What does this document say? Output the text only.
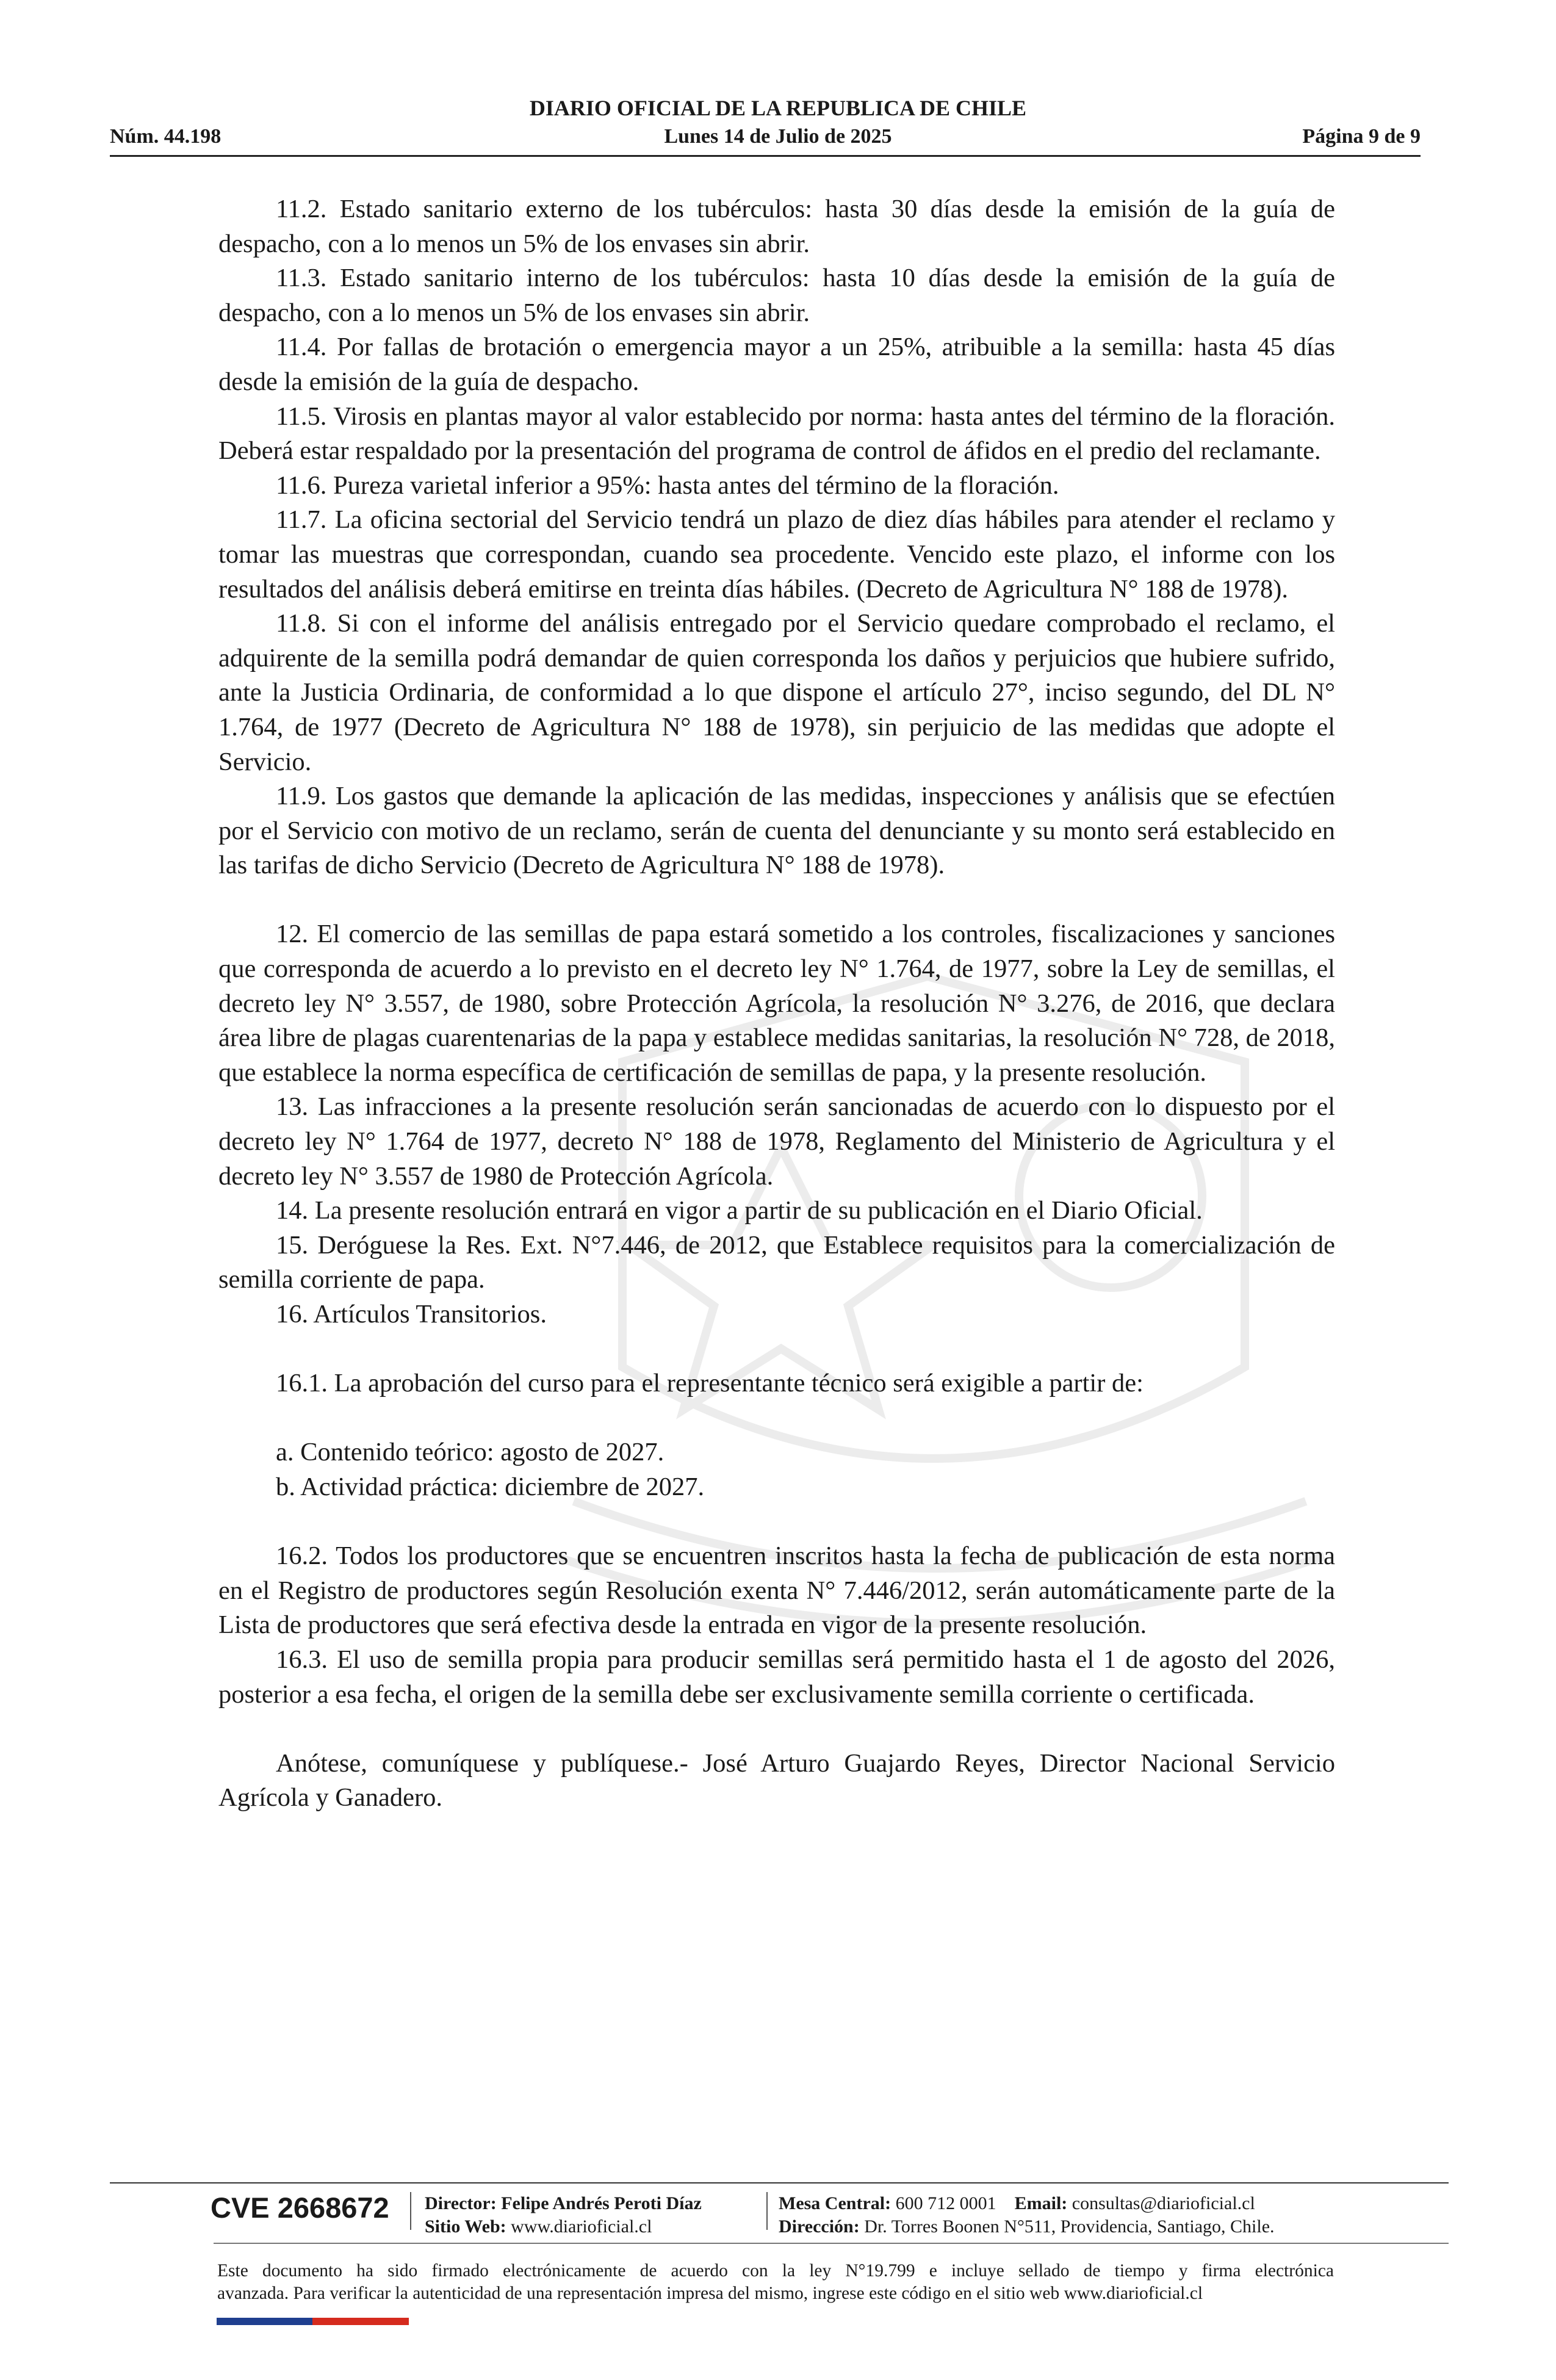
DIARIO OFICIAL DE LA REPUBLICA DE CHILE
Núm. 44.198	Lunes 14 de Julio de 2025	Página 9 de 9

11.2. Estado sanitario externo de los tubérculos: hasta 30 días desde la emisión de la guía de despacho, con a lo menos un 5% de los envases sin abrir.

11.3. Estado sanitario interno de los tubérculos: hasta 10 días desde la emisión de la guía de despacho, con a lo menos un 5% de los envases sin abrir.

11.4. Por fallas de brotación o emergencia mayor a un 25%, atribuible a la semilla: hasta 45 días desde la emisión de la guía de despacho.

11.5. Virosis en plantas mayor al valor establecido por norma: hasta antes del término de la floración. Deberá estar respaldado por la presentación del programa de control de áfidos en el predio del reclamante.

11.6. Pureza varietal inferior a 95%: hasta antes del término de la floración.

11.7. La oficina sectorial del Servicio tendrá un plazo de diez días hábiles para atender el reclamo y tomar las muestras que correspondan, cuando sea procedente. Vencido este plazo, el informe con los resultados del análisis deberá emitirse en treinta días hábiles. (Decreto de Agricultura N° 188 de 1978).

11.8. Si con el informe del análisis entregado por el Servicio quedare comprobado el reclamo, el adquirente de la semilla podrá demandar de quien corresponda los daños y perjuicios que hubiere sufrido, ante la Justicia Ordinaria, de conformidad a lo que dispone el artículo 27°, inciso segundo, del DL N° 1.764, de 1977 (Decreto de Agricultura N° 188 de 1978), sin perjuicio de las medidas que adopte el Servicio.

11.9. Los gastos que demande la aplicación de las medidas, inspecciones y análisis que se efectúen por el Servicio con motivo de un reclamo, serán de cuenta del denunciante y su monto será establecido en las tarifas de dicho Servicio (Decreto de Agricultura N° 188 de 1978).

12. El comercio de las semillas de papa estará sometido a los controles, fiscalizaciones y sanciones que corresponda de acuerdo a lo previsto en el decreto ley N° 1.764, de 1977, sobre la Ley de semillas, el decreto ley N° 3.557, de 1980, sobre Protección Agrícola, la resolución N° 3.276, de 2016, que declara área libre de plagas cuarentenarias de la papa y establece medidas sanitarias, la resolución N° 728, de 2018, que establece la norma específica de certificación de semillas de papa, y la presente resolución.

13. Las infracciones a la presente resolución serán sancionadas de acuerdo con lo dispuesto por el decreto ley N° 1.764 de 1977, decreto N° 188 de 1978, Reglamento del Ministerio de Agricultura y el decreto ley N° 3.557 de 1980 de Protección Agrícola.

14. La presente resolución entrará en vigor a partir de su publicación en el Diario Oficial.

15. Deróguese la Res. Ext. N°7.446, de 2012, que Establece requisitos para la comercialización de semilla corriente de papa.

16. Artículos Transitorios.

16.1. La aprobación del curso para el representante técnico será exigible a partir de:

a. Contenido teórico: agosto de 2027.

b. Actividad práctica: diciembre de 2027.

16.2. Todos los productores que se encuentren inscritos hasta la fecha de publicación de esta norma en el Registro de productores según Resolución exenta N° 7.446/2012, serán automáticamente parte de la Lista de productores que será efectiva desde la entrada en vigor de la presente resolución.

16.3. El uso de semilla propia para producir semillas será permitido hasta el 1 de agosto del 2026, posterior a esa fecha, el origen de la semilla debe ser exclusivamente semilla corriente o certificada.

Anótese, comuníquese y publíquese.- José Arturo Guajardo Reyes, Director Nacional Servicio Agrícola y Ganadero.

CVE 2668672 Director: Felipe Andrés Peroti Díaz
Sitio Web: www.diarioficial.cl
Mesa Central: 600 712 0001 Email: consultas@diarioficial.cl
Dirección: Dr. Torres Boonen N°511, Providencia, Santiago, Chile.
Este documento ha sido firmado electrónicamente de acuerdo con la ley N°19.799 e incluye sellado de tiempo y firma electrónica
avanzada. Para verificar la autenticidad de una representación impresa del mismo, ingrese este código en el sitio web www.diarioficial.cl
